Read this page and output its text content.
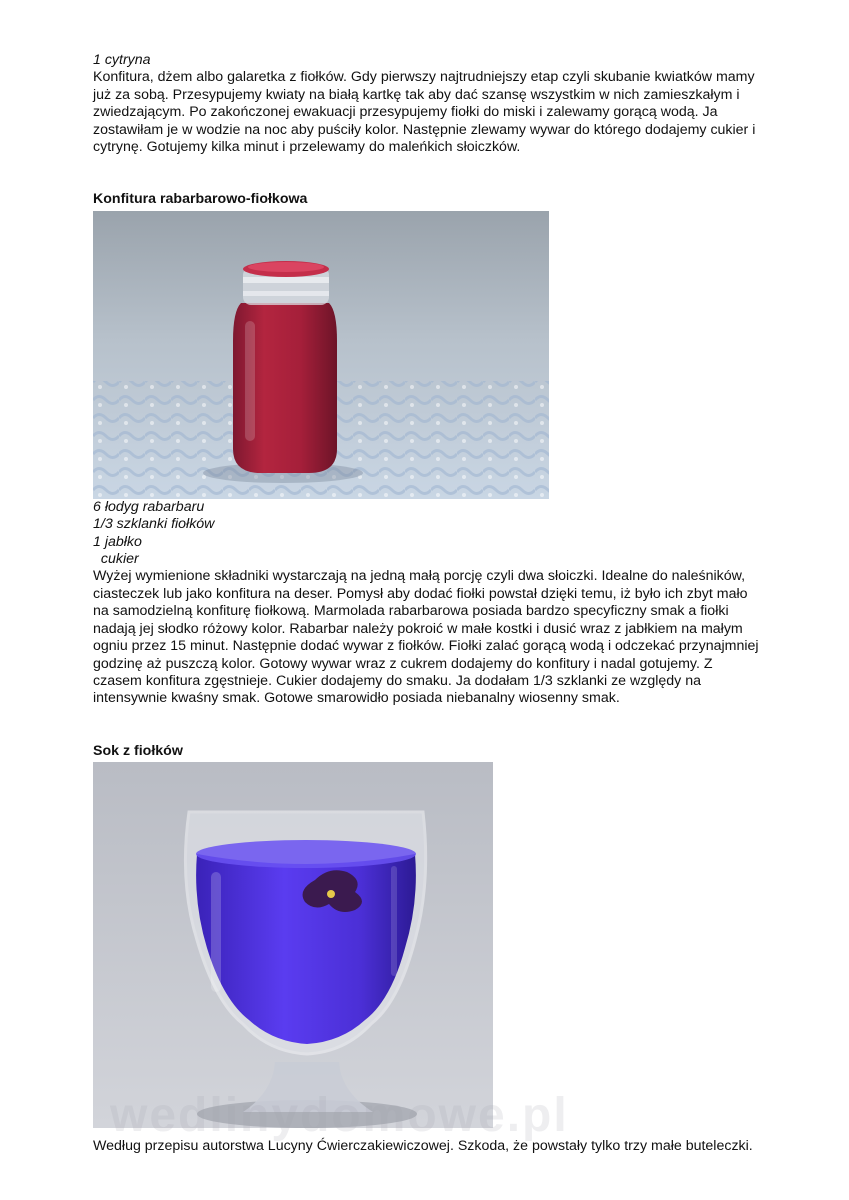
1 cytryna

Konfitura, dżem albo galaretka z fiołków. Gdy pierwszy najtrudniejszy etap czyli skubanie kwiatków mamy
już za sobą. Przesypujemy kwiaty na białą kartkę tak aby dać szansę wszystkim w nich zamieszkałym i
zwiedzającym. Po zakończonej ewakuacji przesypujemy fiołki do miski i zalewamy gorącą wodą. Ja
zostawiłam je w wodzie na noc aby puściły kolor. Następnie zlewamy wywar do którego dodajemy cukier i
cytrynę. Gotujemy kilka minut i przelewamy do maleńkich słoiczków.

Konfitura rabarbarowo-fiołkowa

6 łodyg rabarbaru

1/3 szklanki fiołków

1 jabłko

cukier

Wyżej wymienione składniki wystarczają na jedną małą porcję czyli dwa słoiczki. Idealne do naleśników,
ciasteczek lub jako konfitura na deser. Pomysł aby dodać fiołki powstał dzięki temu, iż było ich zbyt mało
na samodzielną konfiturę fiołkową. Marmolada rabarbarowa posiada bardzo specyficzny smak a fiołki
nadają jej słodko różowy kolor. Rabarbar należy pokroić w małe kostki i dusić wraz z jabłkiem na małym
ogniu przez 15 minut. Następnie dodać wywar z fiołków. Fiołki zalać gorącą wodą i odczekać przynajmniej
godzinę aż puszczą kolor. Gotowy wywar wraz z cukrem dodajemy do konfitury i nadal gotujemy. Z
czasem konfitura zgęstnieje. Cukier dodajemy do smaku. Ja dodałam 1/3 szklanki ze względy na
intensywnie kwaśny smak. Gotowe smarowidło posiada niebanalny wiosenny smak.

Sok z fiołków

Według przepisu autorstwa Lucyny Ćwierczakiewiczowej. Szkoda, że powstały tylko trzy małe buteleczki.
